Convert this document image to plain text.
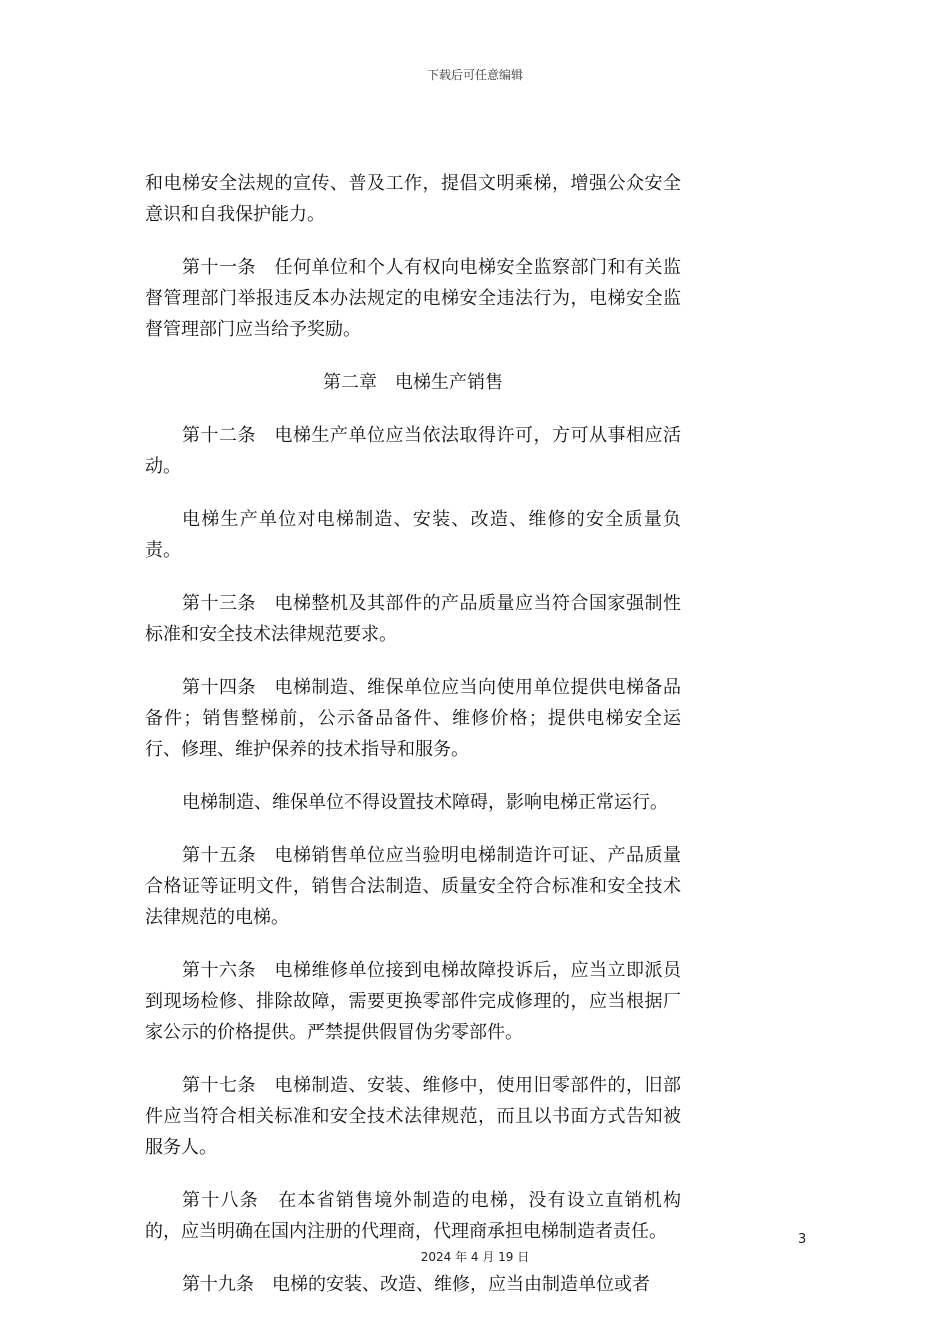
下载后可任意编辑

和电梯安全法规的宣传、普及工作，提倡文明乘梯，增强公众安全意识和自我保护能力。

第十一条　任何单位和个人有权向电梯安全监察部门和有关监督管理部门举报违反本办法规定的电梯安全违法行为，电梯安全监督管理部门应当给予奖励。

第二章　电梯生产销售

第十二条　电梯生产单位应当依法取得许可，方可从事相应活动。

电梯生产单位对电梯制造、安装、改造、维修的安全质量负责。

第十三条　电梯整机及其部件的产品质量应当符合国家强制性标准和安全技术法律规范要求。

第十四条　电梯制造、维保单位应当向使用单位提供电梯备品备件；销售整梯前，公示备品备件、维修价格；提供电梯安全运行、修理、维护保养的技术指导和服务。

电梯制造、维保单位不得设置技术障碍，影响电梯正常运行。

第十五条　电梯销售单位应当验明电梯制造许可证、产品质量合格证等证明文件，销售合法制造、质量安全符合标准和安全技术法律规范的电梯。

第十六条　电梯维修单位接到电梯故障投诉后，应当立即派员到现场检修、排除故障，需要更换零部件完成修理的，应当根据厂家公示的价格提供。严禁提供假冒伪劣零部件。

第十七条　电梯制造、安装、维修中，使用旧零部件的，旧部件应当符合相关标准和安全技术法律规范，而且以书面方式告知被服务人。

第十八条　在本省销售境外制造的电梯，没有设立直销机构的，应当明确在国内注册的代理商，代理商承担电梯制造者责任。

第十九条　电梯的安装、改造、维修，应当由制造单位或者

3
2024 年 4 月 19 日
